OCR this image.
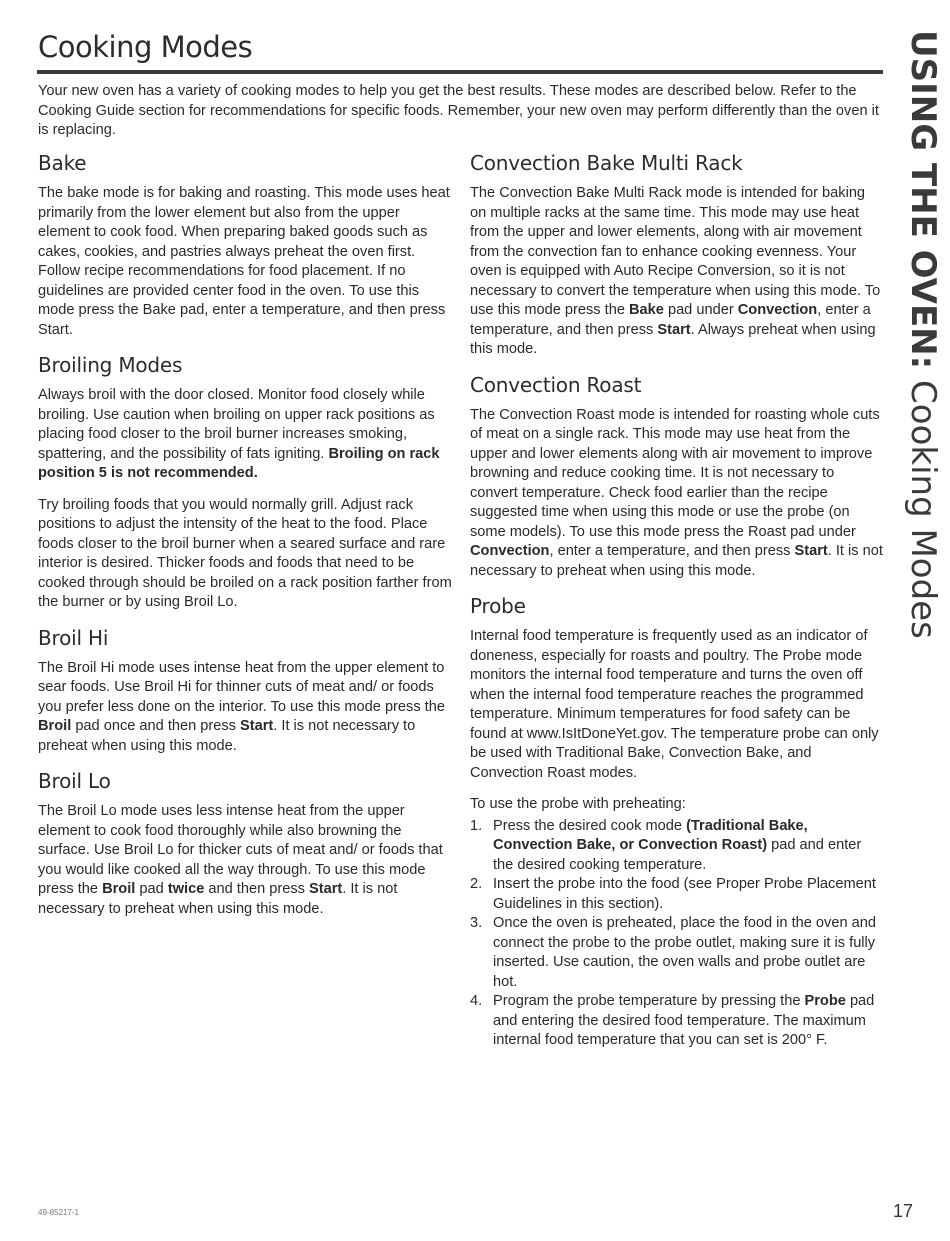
Cooking Modes

Your new oven has a variety of cooking modes to help you get the best results. These modes are described below. Refer to the Cooking Guide section for recommendations for specific foods. Remember, your new oven may perform differently than the oven it is replacing.

Bake

The bake mode is for baking and roasting. This mode uses heat primarily from the lower element but also from the upper element to cook food. When preparing baked goods such as cakes, cookies, and pastries always preheat the oven first. Follow recipe recommendations for food placement. If no guidelines are provided center food in the oven. To use this mode press the Bake pad, enter a temperature, and then press Start.

Broiling Modes

Always broil with the door closed. Monitor food closely while broiling. Use caution when broiling on upper rack positions as placing food closer to the broil burner increases smoking, spattering, and the possibility of fats igniting. Broiling on rack position 5 is not recommended.

Try broiling foods that you would normally grill. Adjust rack positions to adjust the intensity of the heat to the food. Place foods closer to the broil burner when a seared surface and rare interior is desired. Thicker foods and foods that need to be cooked through should be broiled on a rack position farther from the burner or by using Broil Lo.

Broil Hi

The Broil Hi mode uses intense heat from the upper element to sear foods. Use Broil Hi for thinner cuts of meat and/ or foods you prefer less done on the interior. To use this mode press the Broil pad once and then press Start. It is not necessary to preheat when using this mode.

Broil Lo

The Broil Lo mode uses less intense heat from the upper element to cook food thoroughly while also browning the surface. Use Broil Lo for thicker cuts of meat and/ or foods that you would like cooked all the way through. To use this mode press the Broil pad twice and then press Start. It is not necessary to preheat when using this mode.

Convection Bake Multi Rack

The Convection Bake Multi Rack mode is intended for baking on multiple racks at the same time. This mode may use heat from the upper and lower elements, along with air movement from the convection fan to enhance cooking evenness. Your oven is equipped with Auto Recipe Conversion, so it is not necessary to convert the temperature when using this mode. To use this mode press the Bake pad under Convection, enter a temperature, and then press Start. Always preheat when using this mode.

Convection Roast

The Convection Roast mode is intended for roasting whole cuts of meat on a single rack. This mode may use heat from the upper and lower elements along with air movement to improve browning and reduce cooking time. It is not necessary to convert temperature. Check food earlier than the recipe suggested time when using this mode or use the probe (on some models). To use this mode press the Roast pad under Convection, enter a temperature, and then press Start. It is not necessary to preheat when using this mode.

Probe

Internal food temperature is frequently used as an indicator of doneness, especially for roasts and poultry. The Probe mode monitors the internal food temperature and turns the oven off when the internal food temperature reaches the programmed temperature. Minimum temperatures for food safety can be found at www.IsItDoneYet.gov. The temperature probe can only be used with Traditional Bake, Convection Bake, and Convection Roast modes.

To use the probe with preheating:

1. Press the desired cook mode (Traditional Bake, Convection Bake, or Convection Roast) pad and enter the desired cooking temperature.
2. Insert the probe into the food (see Proper Probe Placement Guidelines in this section).
3. Once the oven is preheated, place the food in the oven and connect the probe to the probe outlet, making sure it is fully inserted. Use caution, the oven walls and probe outlet are hot.
4. Program the probe temperature by pressing the Probe pad and entering the desired food temperature. The maximum internal food temperature that you can set is 200° F.
USING THE OVEN: Cooking Modes
49-85217-1	17
